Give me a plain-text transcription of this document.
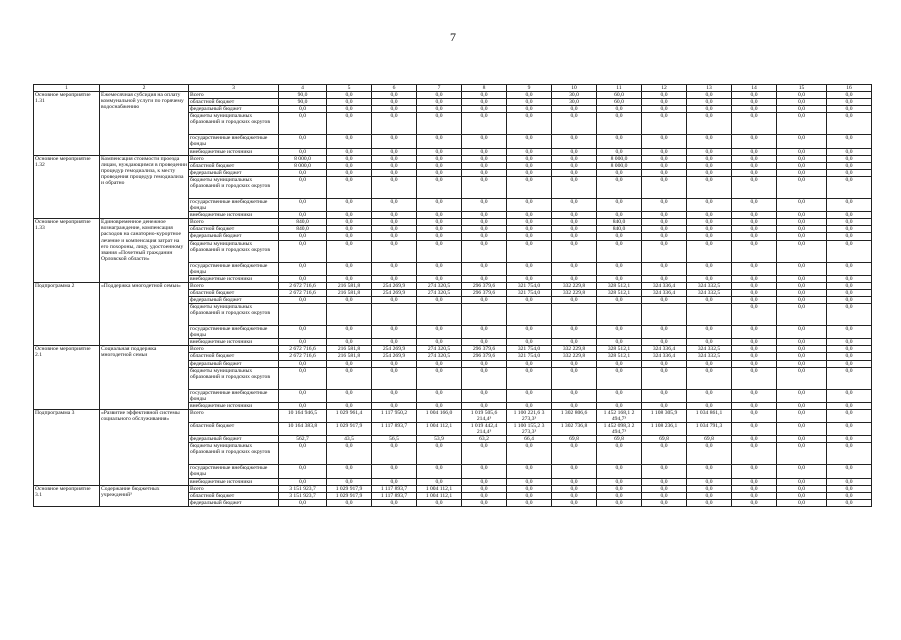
7
1	2	3	4	5	6	7	8	9	10	11	12	13	14	15	16
Основное мероприятие 1.31	Ежемесячная субсидия на оплату коммунальной услуги по горячему водоснабжению	Всего	90,0	0,0	0,0	0,0	0,0	0,0	30,0	60,0	0,0	0,0	0,0	0,0	0,0
		областной бюджет	90,0	0,0	0,0	0,0	0,0	0,0	30,0	60,0	0,0	0,0	0,0	0,0	0,0
		федеральный бюджет	0,0	0,0	0,0	0,0	0,0	0,0	0,0	0,0	0,0	0,0	0,0	0,0	0,0
		бюджеты муниципальных образований и городских округов	0,0	0,0	0,0	0,0	0,0	0,0	0,0	0,0	0,0	0,0	0,0	0,0	0,0
		государственные внебюджетные фонды	0,0	0,0	0,0	0,0	0,0	0,0	0,0	0,0	0,0	0,0	0,0	0,0	0,0
		внебюджетные источники	0,0	0,0	0,0	0,0	0,0	0,0	0,0	0,0	0,0	0,0	0,0	0,0	0,0
Основное мероприятие 1.32	Компенсация стоимости проезда лицам, нуждающимся в проведении процедур гемодиализа, к месту проведения процедур гемодиализа и обратно	Всего	8 000,0	0,0	0,0	0,0	0,0	0,0	0,0	8 000,0	0,0	0,0	0,0	0,0	0,0
		областной бюджет	8 000,0	0,0	0,0	0,0	0,0	0,0	0,0	8 000,0	0,0	0,0	0,0	0,0	0,0
		федеральный бюджет	0,0	0,0	0,0	0,0	0,0	0,0	0,0	0,0	0,0	0,0	0,0	0,0	0,0
		бюджеты муниципальных образований и городских округов	0,0	0,0	0,0	0,0	0,0	0,0	0,0	0,0	0,0	0,0	0,0	0,0	0,0
		государственные внебюджетные фонды	0,0	0,0	0,0	0,0	0,0	0,0	0,0	0,0	0,0	0,0	0,0	0,0	0,0
		внебюджетные источники	0,0	0,0	0,0	0,0	0,0	0,0	0,0	0,0	0,0	0,0	0,0	0,0	0,0
Основное мероприятие 1.33	Единовременное денежное вознаграждение, компенсация расходов на санаторно-курортное лечение и компенсация затрат на его похороны, лицу, удостоенному звания «Почетный гражданин Орловской области»	Всего	840,0	0,0	0,0	0,0	0,0	0,0	0,0	840,0	0,0	0,0	0,0	0,0	0,0
		областной бюджет	840,0	0,0	0,0	0,0	0,0	0,0	0,0	840,0	0,0	0,0	0,0	0,0	0,0
		федеральный бюджет	0,0	0,0	0,0	0,0	0,0	0,0	0,0	0,0	0,0	0,0	0,0	0,0	0,0
		бюджеты муниципальных образований и городских округов	0,0	0,0	0,0	0,0	0,0	0,0	0,0	0,0	0,0	0,0	0,0	0,0	0,0
		государственные внебюджетные фонды	0,0	0,0	0,0	0,0	0,0	0,0	0,0	0,0	0,0	0,0	0,0	0,0	0,0
		внебюджетные источники	0,0	0,0	0,0	0,0	0,0	0,0	0,0	0,0	0,0	0,0	0,0	0,0	0,0
Подпрограмма 2	«Поддержка многодетной семьи»	Всего	2 672 716,6	216 581,8	254 269,9	274 320,5	296 379,6	321 754,0	332 229,8	328 512,1	324 336,4	324 332,5	0,0	0,0	0,0
		областной бюджет	2 672 716,6	216 581,8	254 269,9	274 320,5	296 379,6	321 754,0	332 229,8	328 512,1	324 336,4	324 332,5	0,0	0,0	0,0
		федеральный бюджет	0,0	0,0	0,0	0,0	0,0	0,0	0,0	0,0	0,0	0,0	0,0	0,0	0,0
		бюджеты муниципальных образований и городских округов											0,0	0,0	0,0
		государственные внебюджетные фонды	0,0	0,0	0,0	0,0	0,0	0,0	0,0	0,0	0,0	0,0	0,0	0,0	0,0
		внебюджетные источники	0,0	0,0	0,0	0,0	0,0	0,0	0,0	0,0	0,0	0,0	0,0	0,0	0,0
Основное мероприятие 2.1	Социальная поддержка многодетной семьи	Всего	2 672 716,6	216 581,8	254 269,9	274 320,5	296 379,6	321 754,0	332 229,8	328 512,1	324 336,4	324 332,5	0,0	0,0	0,0
		областной бюджет	2 672 716,6	216 581,8	254 269,9	274 320,5	296 379,6	321 754,0	332 229,8	328 512,1	324 336,4	324 332,5	0,0	0,0	0,0
		федеральный бюджет	0,0	0,0	0,0	0,0	0,0	0,0	0,0	0,0	0,0	0,0	0,0	0,0	0,0
		бюджеты муниципальных образований и городских округов	0,0	0,0	0,0	0,0	0,0	0,0	0,0	0,0	0,0	0,0	0,0	0,0	0,0
		государственные внебюджетные фонды	0,0	0,0	0,0	0,0	0,0	0,0	0,0	0,0	0,0	0,0	0,0	0,0	0,0
		внебюджетные источники	0,0	0,0	0,0	0,0	0,0	0,0	0,0	0,0	0,0	0,0	0,0	0,0	0,0
Подпрограмма 3	«Развитие эффективной системы социального обслуживания»	Всего	10 164 946,5	1 029 961,4	1 117 950,2	1 004 166,0	1 019 505,6 214,4³	1 100 221,6 3 273,3³	1 302 806,6	1 452 168,1 2 494,7³	1 108 305,9	1 034 861,1	0,0	0,0	0,0
		областной бюджет	10 164 383,8	1 029 917,9	1 117 893,7	1 004 112,1	1 019 442,4 214,4³	1 100 155,2 3 273,3³	1 302 736,8	1 452 098,3 2 494,7³	1 108 236,1	1 034 791,3	0,0	0,0	0,0
		федеральный бюджет	562,7	43,5	56,5	53,9	63,2	66,4	69,8	69,8	69,8	69,8	0,0	0,0	0,0
		бюджеты муниципальных образований и городских округов	0,0	0,0	0,0	0,0	0,0	0,0	0,0	0,0	0,0	0,0	0,0	0,0	0,0
		государственные внебюджетные фонды	0,0	0,0	0,0	0,0	0,0	0,0	0,0	0,0	0,0	0,0	0,0	0,0	0,0
		внебюджетные источники	0,0	0,0	0,0	0,0	0,0	0,0	0,0	0,0	0,0	0,0	0,0	0,0	0,0
Основное мероприятие 3.1	Содержание бюджетных учреждений³	Всего	3 151 923,7	1 029 917,9	1 117 893,7	1 004 112,1	0,0	0,0	0,0	0,0	0,0	0,0	0,0	0,0	0,0
		областной бюджет	3 151 923,7	1 029 917,9	1 117 893,7	1 004 112,1	0,0	0,0	0,0	0,0	0,0	0,0	0,0	0,0	0,0
		федеральный бюджет	0,0	0,0	0,0	0,0	0,0	0,0	0,0	0,0	0,0	0,0	0,0	0,0	0,0
